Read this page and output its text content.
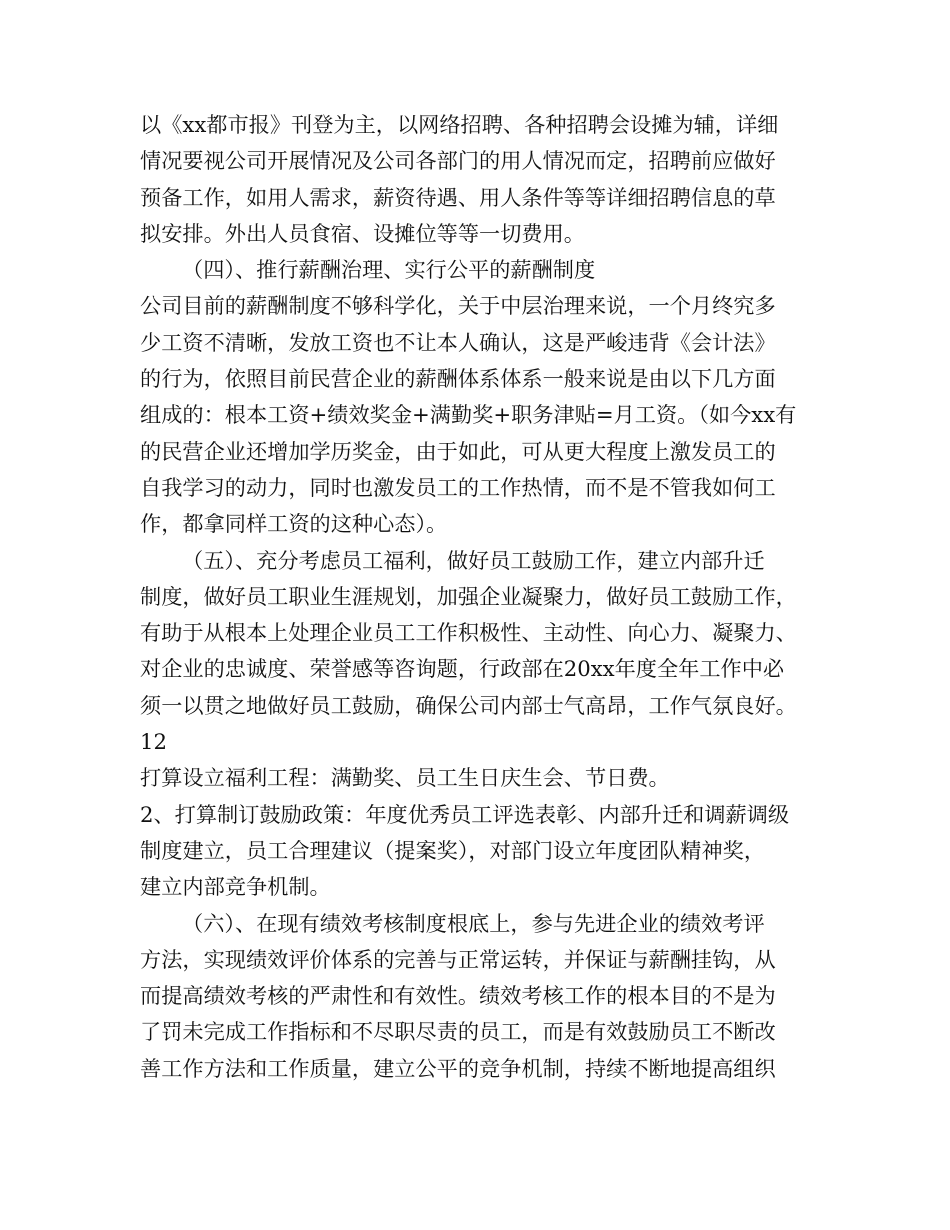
以《xx都市报》刊登为主，以网络招聘、各种招聘会设摊为辅，详细
情况要视公司开展情况及公司各部门的用人情况而定，招聘前应做好
预备工作，如用人需求，薪资待遇、用人条件等等详细招聘信息的草
拟安排。外出人员食宿、设摊位等等一切费用。
（四）、推行薪酬治理、实行公平的薪酬制度
公司目前的薪酬制度不够科学化，关于中层治理来说，一个月终究多
少工资不清晰，发放工资也不让本人确认，这是严峻违背《会计法》
的行为，依照目前民营企业的薪酬体系体系一般来说是由以下几方面
组成的：根本工资+绩效奖金+满勤奖+职务津贴=月工资。（如今xx有
的民营企业还增加学历奖金，由于如此，可从更大程度上激发员工的
自我学习的动力，同时也激发员工的工作热情，而不是不管我如何工
作，都拿同样工资的这种心态）。
（五）、充分考虑员工福利，做好员工鼓励工作，建立内部升迁
制度，做好员工职业生涯规划，加强企业凝聚力，做好员工鼓励工作，
有助于从根本上处理企业员工工作积极性、主动性、向心力、凝聚力、
对企业的忠诚度、荣誉感等咨询题，行政部在20xx年度全年工作中必
须一以贯之地做好员工鼓励，确保公司内部士气高昂，工作气氛良好。
12
打算设立福利工程：满勤奖、员工生日庆生会、节日费。
2、打算制订鼓励政策：年度优秀员工评选表彰、内部升迁和调薪调级
制度建立，员工合理建议（提案奖），对部门设立年度团队精神奖，
建立内部竞争机制。
（六）、在现有绩效考核制度根底上，参与先进企业的绩效考评
方法，实现绩效评价体系的完善与正常运转，并保证与薪酬挂钩，从
而提高绩效考核的严肃性和有效性。绩效考核工作的根本目的不是为
了罚未完成工作指标和不尽职尽责的员工，而是有效鼓励员工不断改
善工作方法和工作质量，建立公平的竞争机制，持续不断地提高组织
